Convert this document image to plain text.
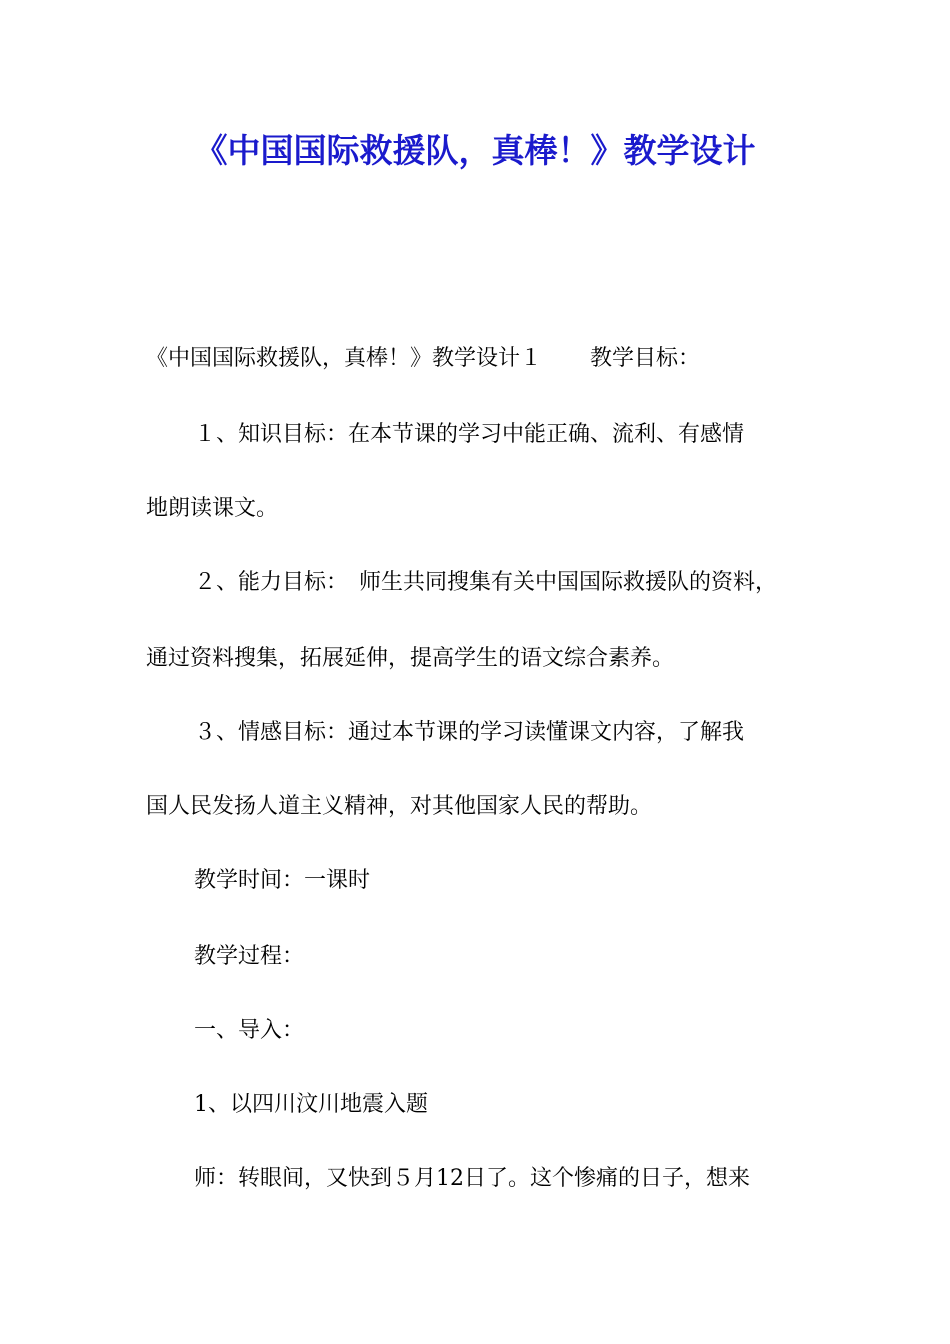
《中国国际救援队，真棒！》教学设计
《中国国际救援队，真棒！》教学设计１ 教学目标：
１、知识目标：在本节课的学习中能正确、流利、有感情
地朗读课文。
２、能力目标：　师生共同搜集有关中国国际救援队的资料，
通过资料搜集，拓展延伸，提高学生的语文综合素养。
３、情感目标：通过本节课的学习读懂课文内容，了解我
国人民发扬人道主义精神，对其他国家人民的帮助。
教学时间：一课时
教学过程：
一、导入：
1、以四川汶川地震入题
师：转眼间，又快到５月12日了。这个惨痛的日子，想来
